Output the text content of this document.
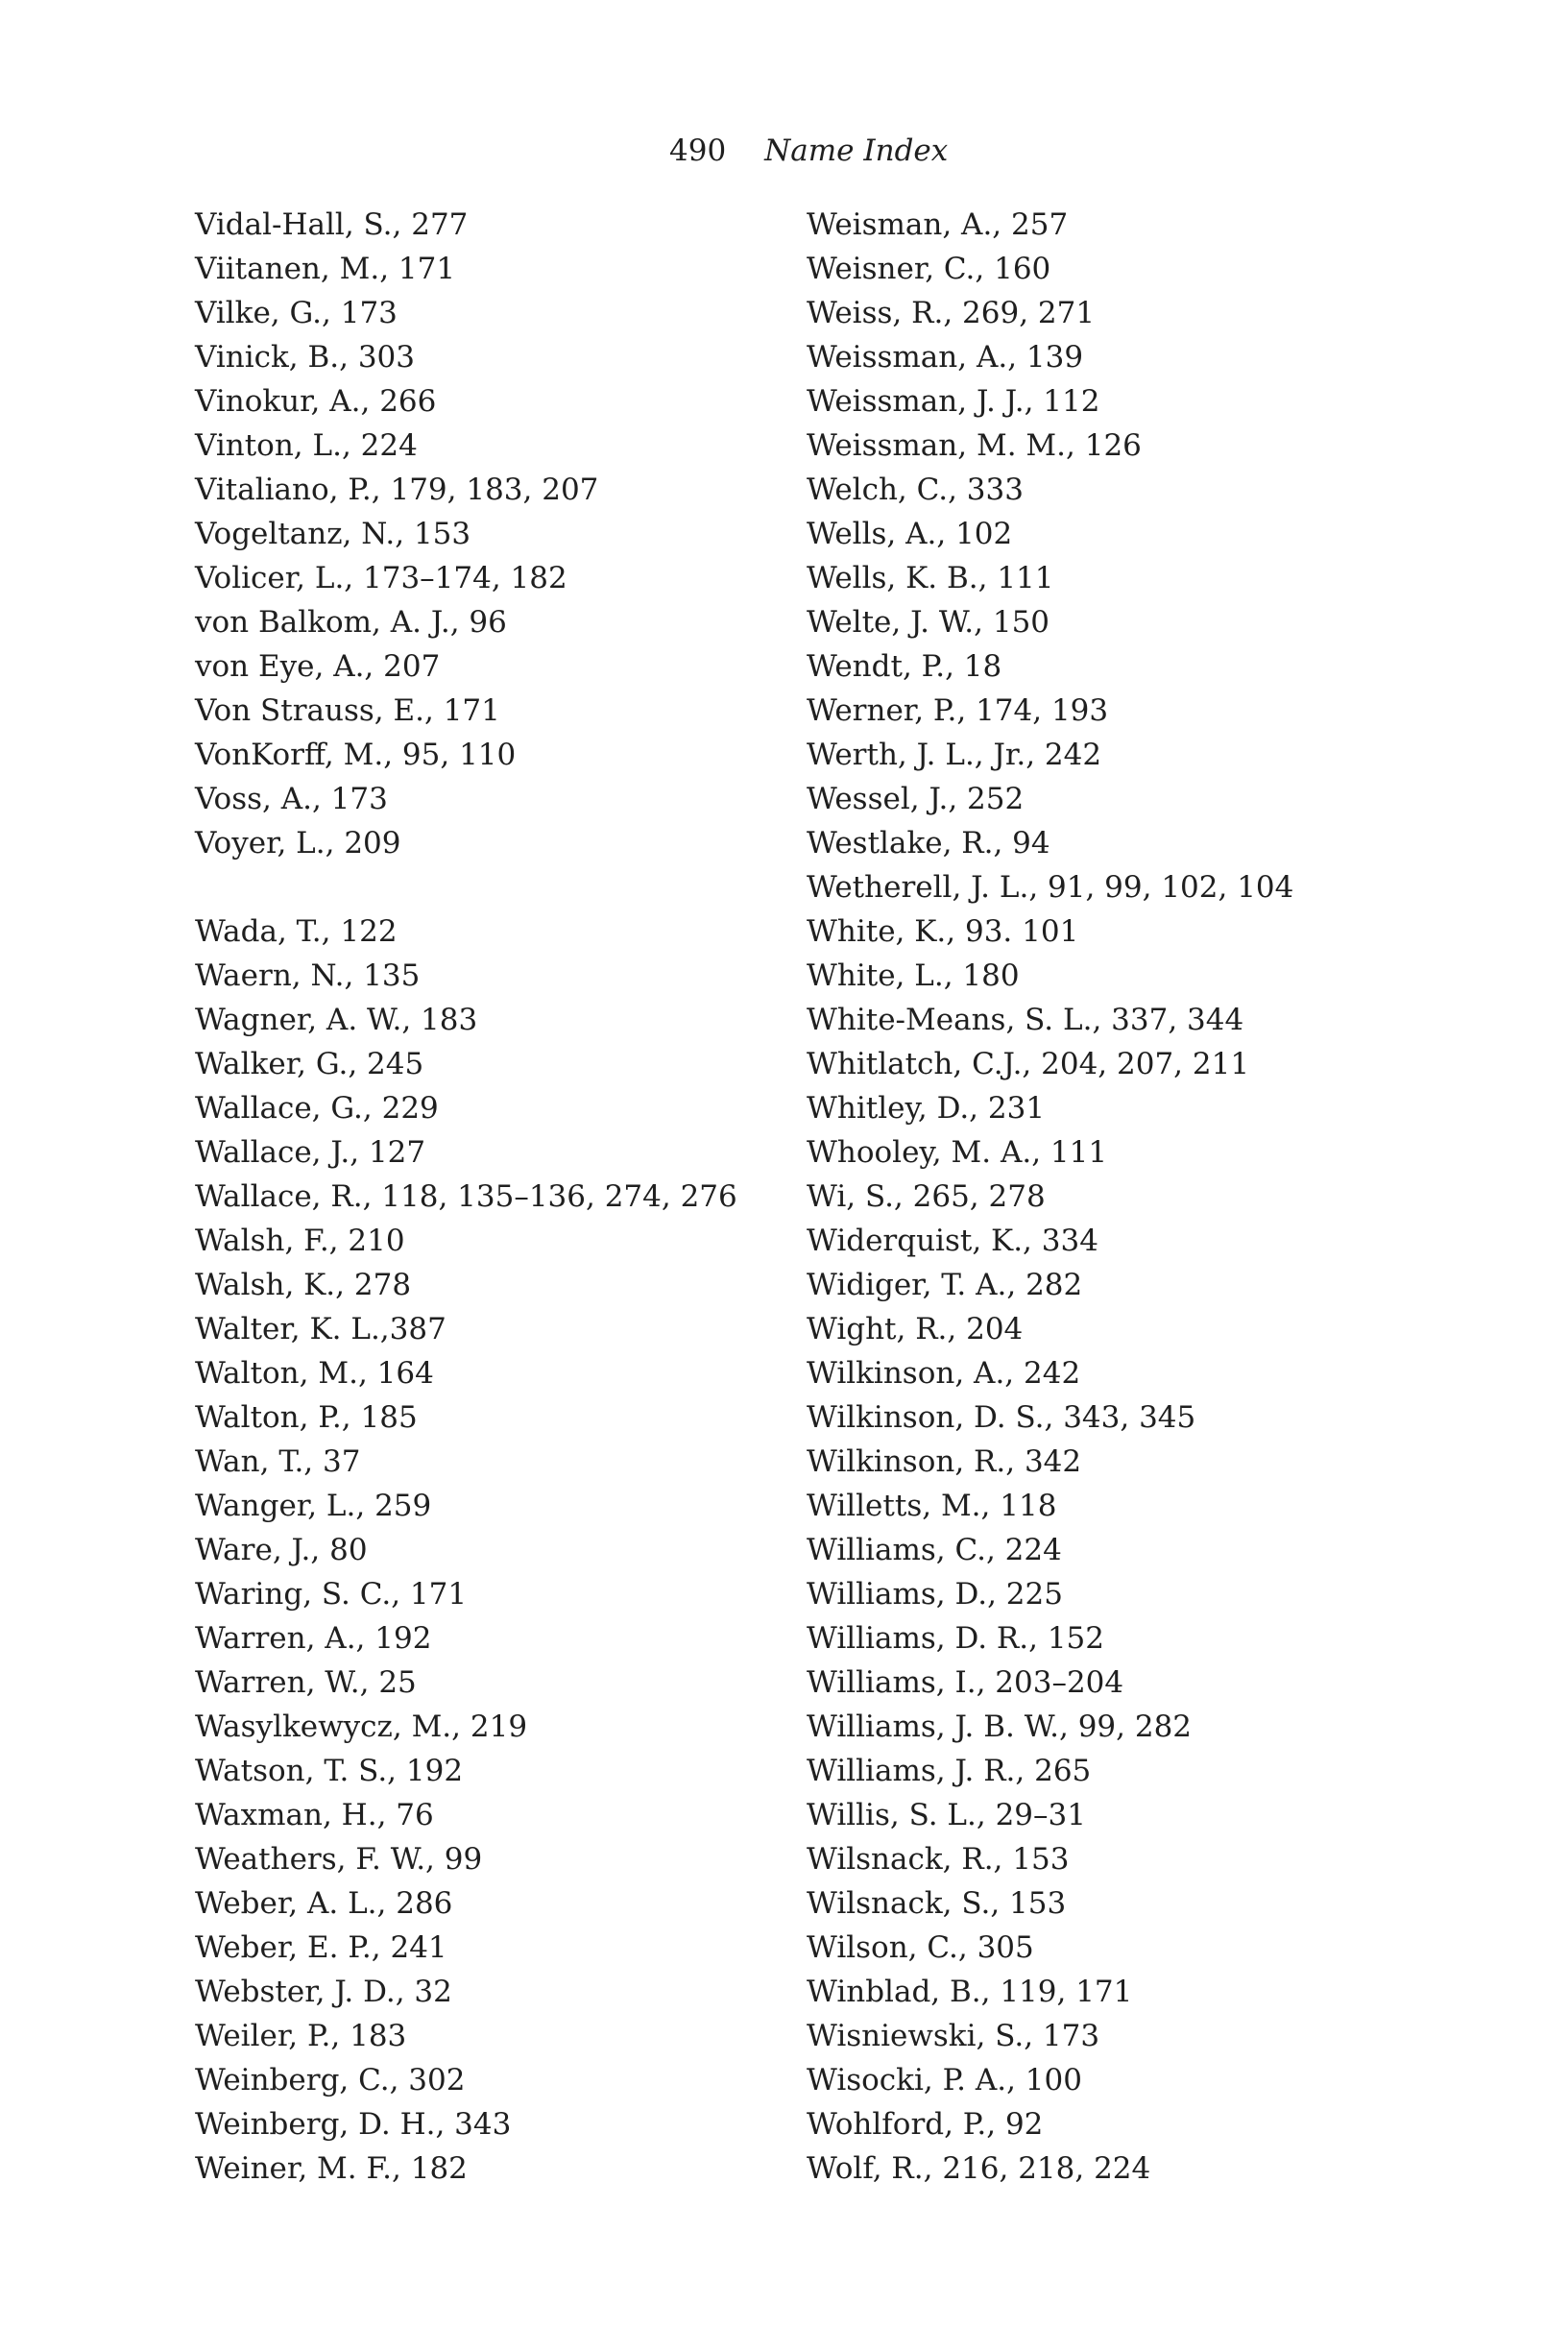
490 Name Index
Vidal-Hall, S., 277
Viitanen, M., 171
Vilke, G., 173
Vinick, B., 303
Vinokur, A., 266
Vinton, L., 224
Vitaliano, P., 179, 183, 207
Vogeltanz, N., 153
Volicer, L., 173–174, 182
von Balkom, A. J., 96
von Eye, A., 207
Von Strauss, E., 171
VonKorff, M., 95, 110
Voss, A., 173
Voyer, L., 209
Wada, T., 122
Waern, N., 135
Wagner, A. W., 183
Walker, G., 245
Wallace, G., 229
Wallace, J., 127
Wallace, R., 118, 135–136, 274, 276
Walsh, F., 210
Walsh, K., 278
Walter, K. L.,387
Walton, M., 164
Walton, P., 185
Wan, T., 37
Wanger, L., 259
Ware, J., 80
Waring, S. C., 171
Warren, A., 192
Warren, W., 25
Wasylkewycz, M., 219
Watson, T. S., 192
Waxman, H., 76
Weathers, F. W., 99
Weber, A. L., 286
Weber, E. P., 241
Webster, J. D., 32
Weiler, P., 183
Weinberg, C., 302
Weinberg, D. H., 343
Weiner, M. F., 182
Weisman, A., 257
Weisner, C., 160
Weiss, R., 269, 271
Weissman, A., 139
Weissman, J. J., 112
Weissman, M. M., 126
Welch, C., 333
Wells, A., 102
Wells, K. B., 111
Welte, J. W., 150
Wendt, P., 18
Werner, P., 174, 193
Werth, J. L., Jr., 242
Wessel, J., 252
Westlake, R., 94
Wetherell, J. L., 91, 99, 102, 104
White, K., 93. 101
White, L., 180
White-Means, S. L., 337, 344
Whitlatch, C.J., 204, 207, 211
Whitley, D., 231
Whooley, M. A., 111
Wi, S., 265, 278
Widerquist, K., 334
Widiger, T. A., 282
Wight, R., 204
Wilkinson, A., 242
Wilkinson, D. S., 343, 345
Wilkinson, R., 342
Willetts, M., 118
Williams, C., 224
Williams, D., 225
Williams, D. R., 152
Williams, I., 203–204
Williams, J. B. W., 99, 282
Williams, J. R., 265
Willis, S. L., 29–31
Wilsnack, R., 153
Wilsnack, S., 153
Wilson, C., 305
Winblad, B., 119, 171
Wisniewski, S., 173
Wisocki, P. A., 100
Wohlford, P., 92
Wolf, R., 216, 218, 224
